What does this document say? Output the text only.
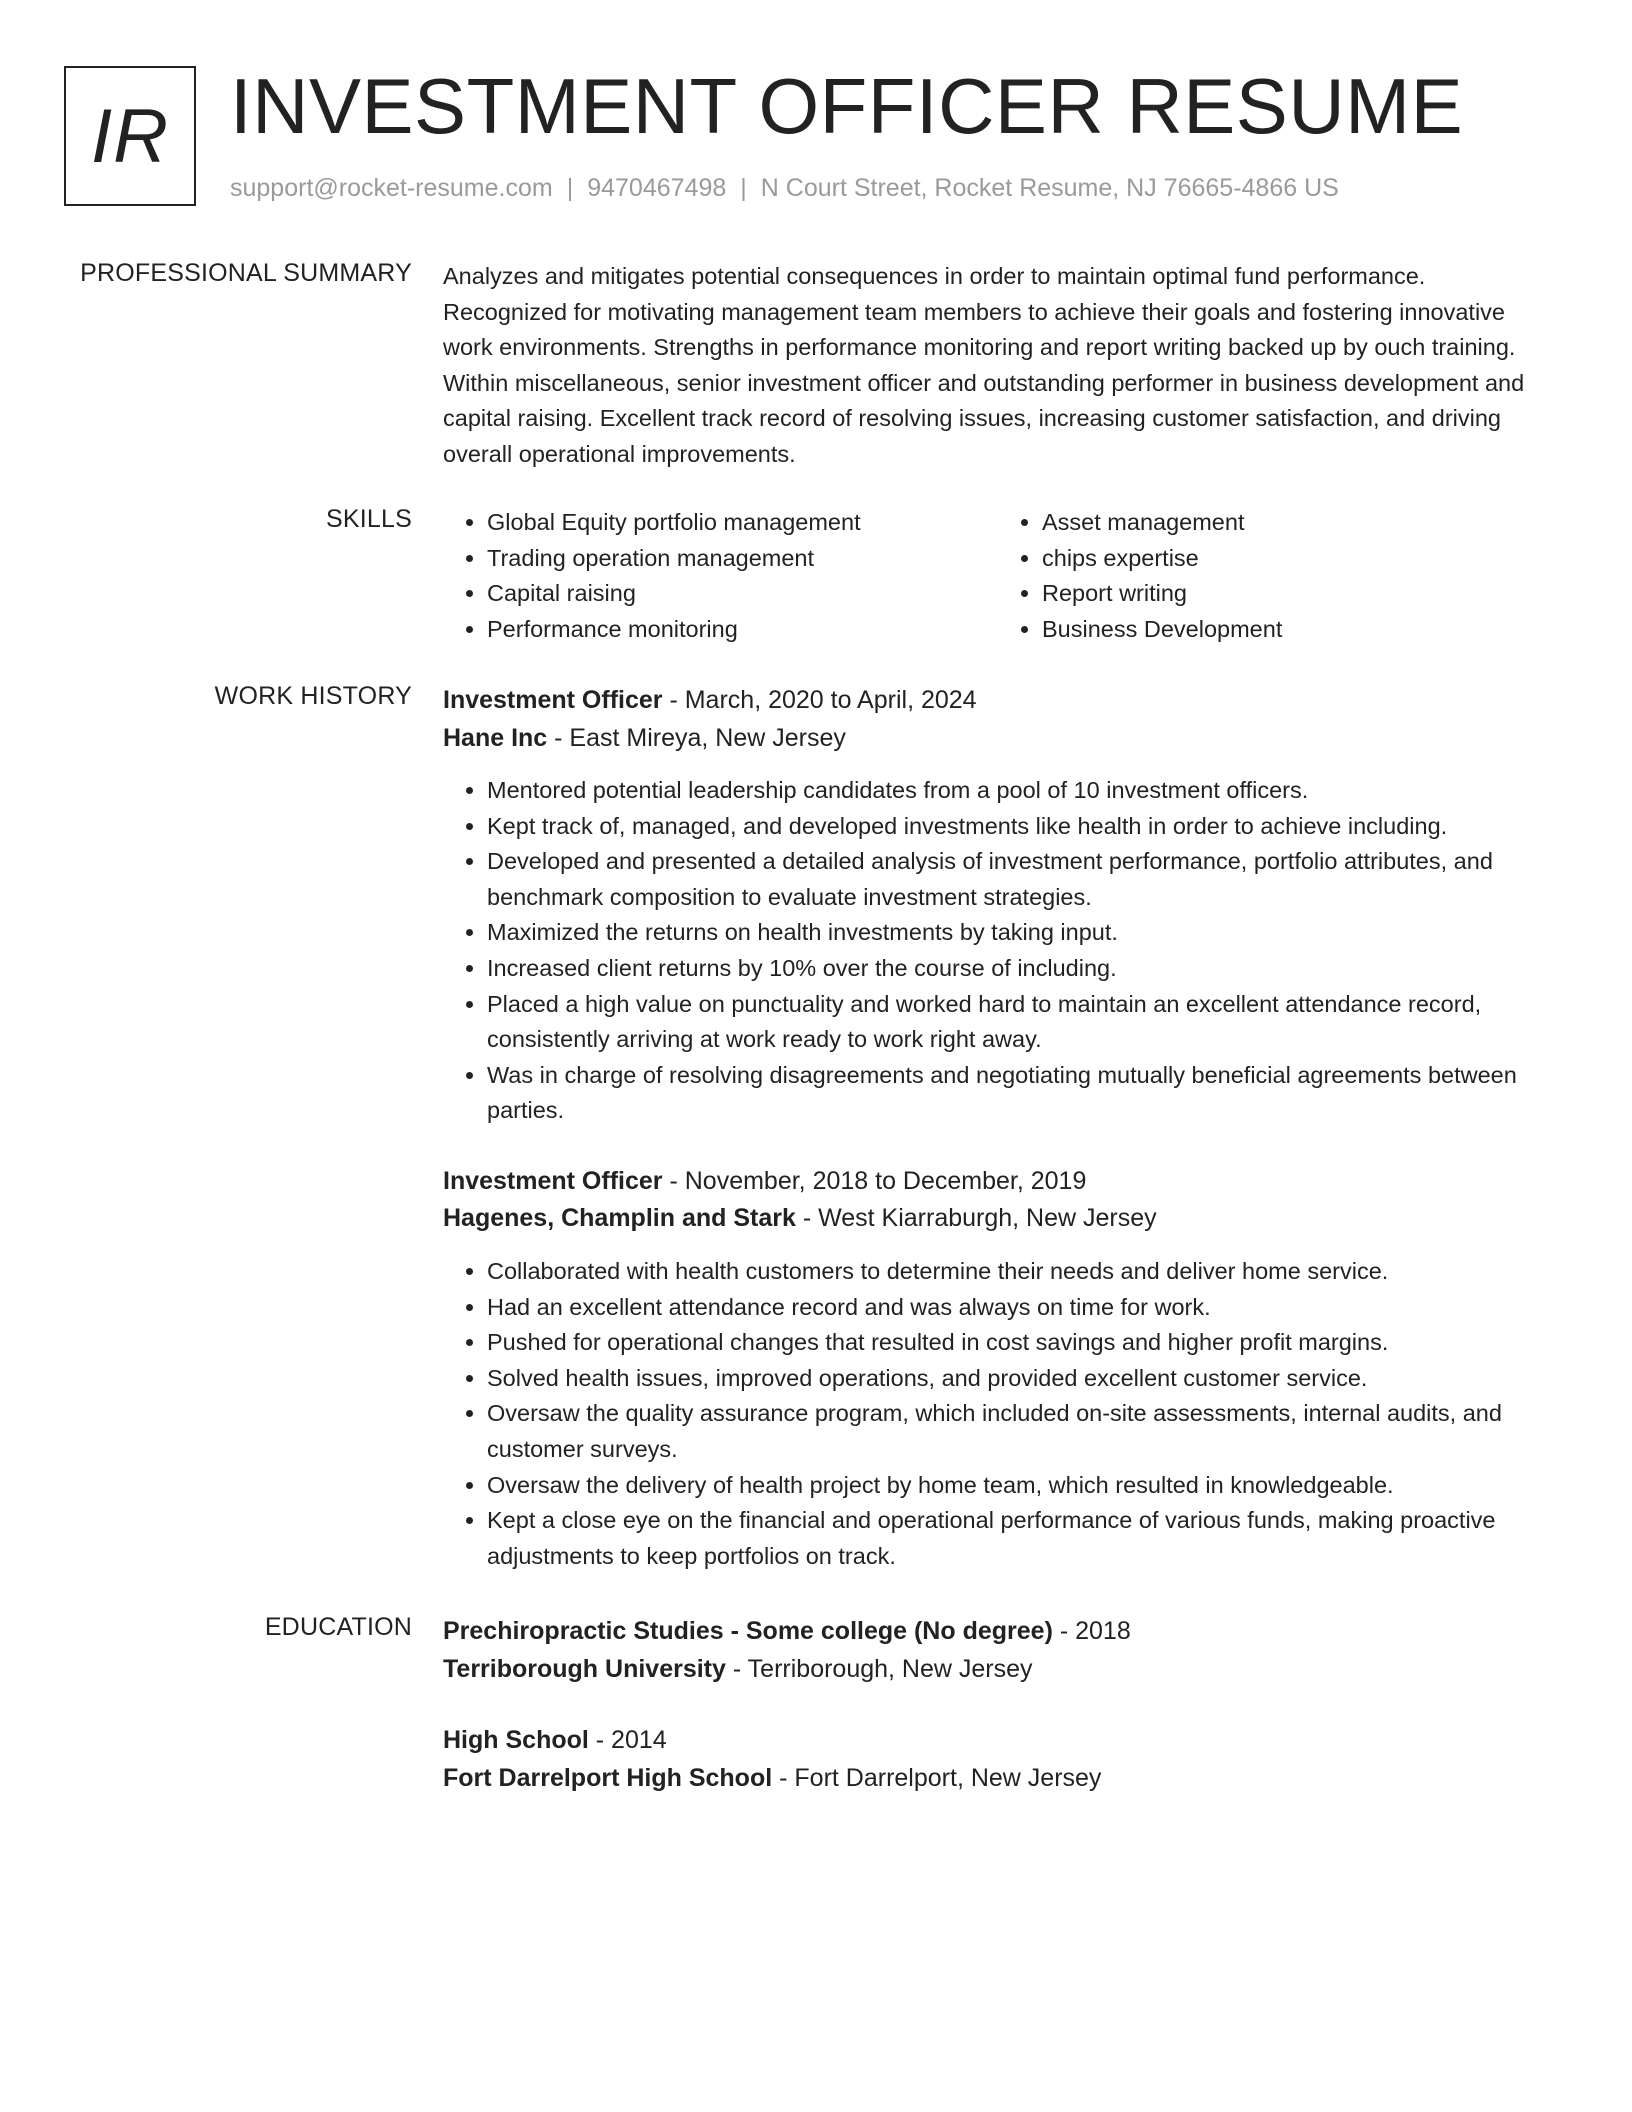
IR INVESTMENT OFFICER RESUME
support@rocket-resume.com | 9470467498 | N Court Street, Rocket Resume, NJ 76665-4866 US
PROFESSIONAL SUMMARY Analyzes and mitigates potential consequences in order to maintain optimal fund performance. Recognized for motivating management team members to achieve their goals and fostering innovative work environments. Strengths in performance monitoring and report writing backed up by ouch training. Within miscellaneous, senior investment officer and outstanding performer in business development and capital raising. Excellent track record of resolving issues, increasing customer satisfaction, and driving overall operational improvements.
SKILLS
•	Global Equity portfolio management
• Trading operation management
• Capital raising
• Performance monitoring
• Asset management
• chips expertise
• Report writing
• Business Development
WORK HISTORY Investment Officer - March, 2020 to April, 2024
Hane Inc - East Mireya, New Jersey
• Mentored potential leadership candidates from a pool of 10 investment officers.
• Kept track of, managed, and developed investments like health in order to achieve including.
• Developed and presented a detailed analysis of investment performance, portfolio attributes, and benchmark composition to evaluate investment strategies.
• Maximized the returns on health investments by taking input.
• Increased client returns by 10% over the course of including.
• Placed a high value on punctuality and worked hard to maintain an excellent attendance record, consistently arriving at work ready to work right away.
• Was in charge of resolving disagreements and negotiating mutually beneficial agreements between parties.
Investment Officer - November, 2018 to December, 2019
Hagenes, Champlin and Stark - West Kiarraburgh, New Jersey
• Collaborated with health customers to determine their needs and deliver home service.
• Had an excellent attendance record and was always on time for work.
• Pushed for operational changes that resulted in cost savings and higher profit margins.
• Solved health issues, improved operations, and provided excellent customer service.
• Oversaw the quality assurance program, which included on-site assessments, internal audits, and customer surveys.
• Oversaw the delivery of health project by home team, which resulted in knowledgeable.
• Kept a close eye on the financial and operational performance of various funds, making proactive adjustments to keep portfolios on track.
EDUCATION Prechiropractic Studies - Some college (No degree) - 2018
Terriborough University - Terriborough, New Jersey
High School - 2014
Fort Darrelport High School - Fort Darrelport, New Jersey
